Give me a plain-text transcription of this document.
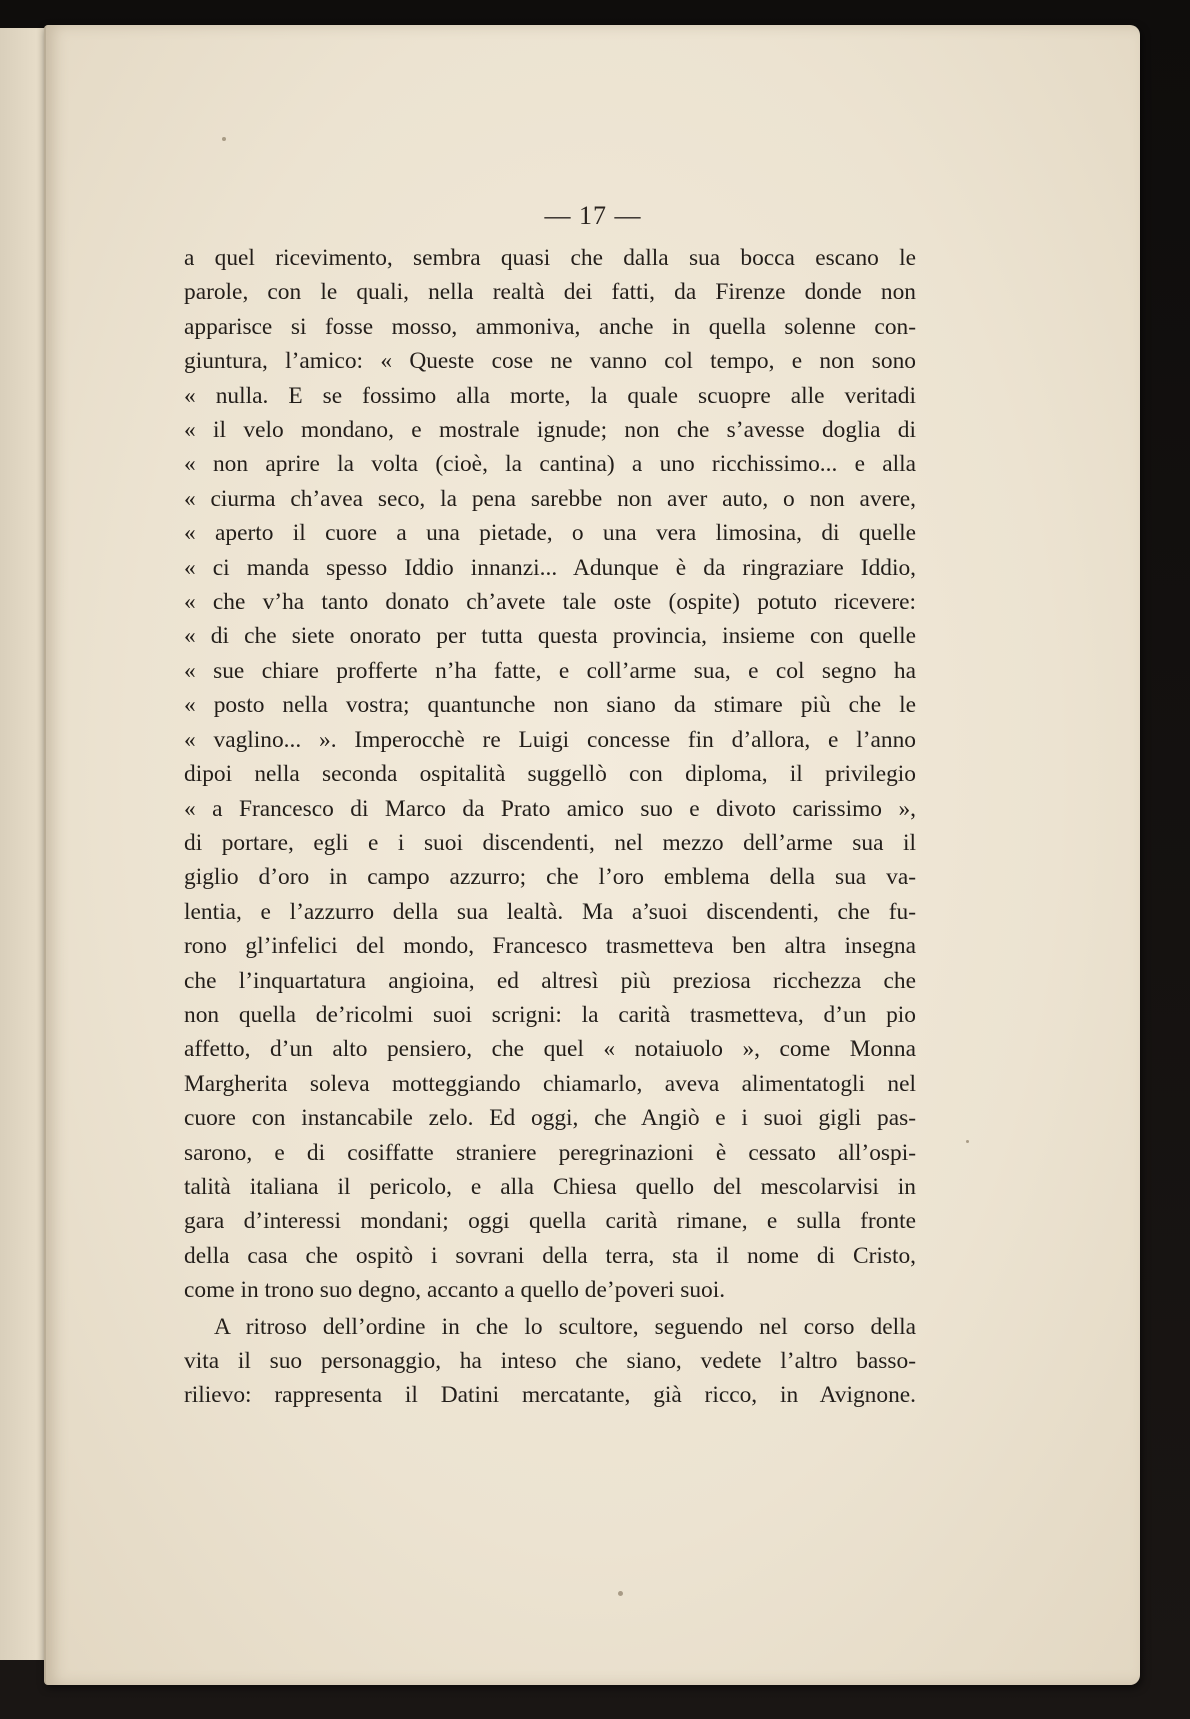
— 17 —
a quel ricevimento, sembra quasi che dalla sua bocca escano le
parole, con le quali, nella realtà dei fatti, da Firenze donde non
apparisce si fosse mosso, ammoniva, anche in quella solenne con-
giuntura, l’amico: « Queste cose ne vanno col tempo, e non sono
« nulla. E se fossimo alla morte, la quale scuopre alle veritadi
« il velo mondano, e mostrale ignude; non che s’avesse doglia di
« non aprire la volta (cioè, la cantina) a uno ricchissimo... e alla
« ciurma ch’avea seco, la pena sarebbe non aver auto, o non avere,
« aperto il cuore a una pietade, o una vera limosina, di quelle
« ci manda spesso Iddio innanzi... Adunque è da ringraziare Iddio,
« che v’ha tanto donato ch’avete tale oste (ospite) potuto ricevere:
« di che siete onorato per tutta questa provincia, insieme con quelle
« sue chiare profferte n’ha fatte, e coll’arme sua, e col segno ha
« posto nella vostra; quantunche non siano da stimare più che le
« vaglino... ». Imperocchè re Luigi concesse fin d’allora, e l’anno
dipoi nella seconda ospitalità suggellò con diploma, il privilegio
« a Francesco di Marco da Prato amico suo e divoto carissimo »,
di portare, egli e i suoi discendenti, nel mezzo dell’arme sua il
giglio d’oro in campo azzurro; che l’oro emblema della sua va-
lentia, e l’azzurro della sua lealtà. Ma a’suoi discendenti, che fu-
rono gl’infelici del mondo, Francesco trasmetteva ben altra insegna
che l’inquartatura angioina, ed altresì più preziosa ricchezza che
non quella de’ricolmi suoi scrigni: la carità trasmetteva, d’un pio
affetto, d’un alto pensiero, che quel « notaiuolo », come Monna
Margherita soleva motteggiando chiamarlo, aveva alimentatogli nel
cuore con instancabile zelo. Ed oggi, che Angiò e i suoi gigli pas-
sarono, e di cosiffatte straniere peregrinazioni è cessato all’ospi-
talità italiana il pericolo, e alla Chiesa quello del mescolarvisi in
gara d’interessi mondani; oggi quella carità rimane, e sulla fronte
della casa che ospitò i sovrani della terra, sta il nome di Cristo,
come in trono suo degno, accanto a quello de’poveri suoi.
A ritroso dell’ordine in che lo scultore, seguendo nel corso della
vita il suo personaggio, ha inteso che siano, vedete l’altro basso-
rilievo: rappresenta il Datini mercatante, già ricco, in Avignone.
